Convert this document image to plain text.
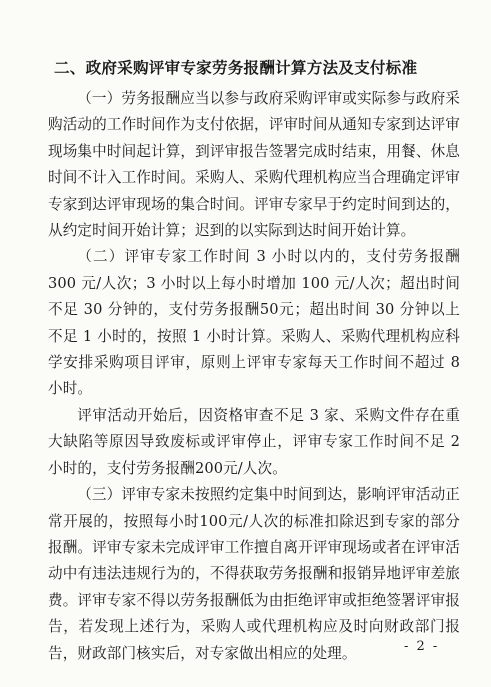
二、政府采购评审专家劳务报酬计算方法及支付标准

（一）劳务报酬应当以参与政府采购评审或实际参与政府采购活动的工作时间作为支付依据，评审时间从通知专家到达评审现场集中时间起计算，到评审报告签署完成时结束，用餐、休息时间不计入工作时间。采购人、采购代理机构应当合理确定评审专家到达评审现场的集合时间。评审专家早于约定时间到达的，从约定时间开始计算；迟到的以实际到达时间开始计算。

（二）评审专家工作时间 3 小时以内的，支付劳务报酬 300 元/人次；3 小时以上每小时增加 100 元/人次；超出时间不足 30 分钟的，支付劳务报酬50元；超出时间 30 分钟以上不足 1 小时的，按照 1 小时计算。采购人、采购代理机构应科学安排采购项目评审，原则上评审专家每天工作时间不超过 8 小时。

评审活动开始后，因资格审查不足 3 家、采购文件存在重大缺陷等原因导致废标或评审停止，评审专家工作时间不足 2 小时的，支付劳务报酬200元/人次。

（三）评审专家未按照约定集中时间到达，影响评审活动正常开展的，按照每小时100元/人次的标准扣除迟到专家的部分报酬。评审专家未完成评审工作擅自离开评审现场或者在评审活动中有违法违规行为的，不得获取劳务报酬和报销异地评审差旅费。评审专家不得以劳务报酬低为由拒绝评审或拒绝签署评审报告，若发现上述行为，采购人或代理机构应及时向财政部门报告，财政部门核实后，对专家做出相应的处理。	- 2 -
